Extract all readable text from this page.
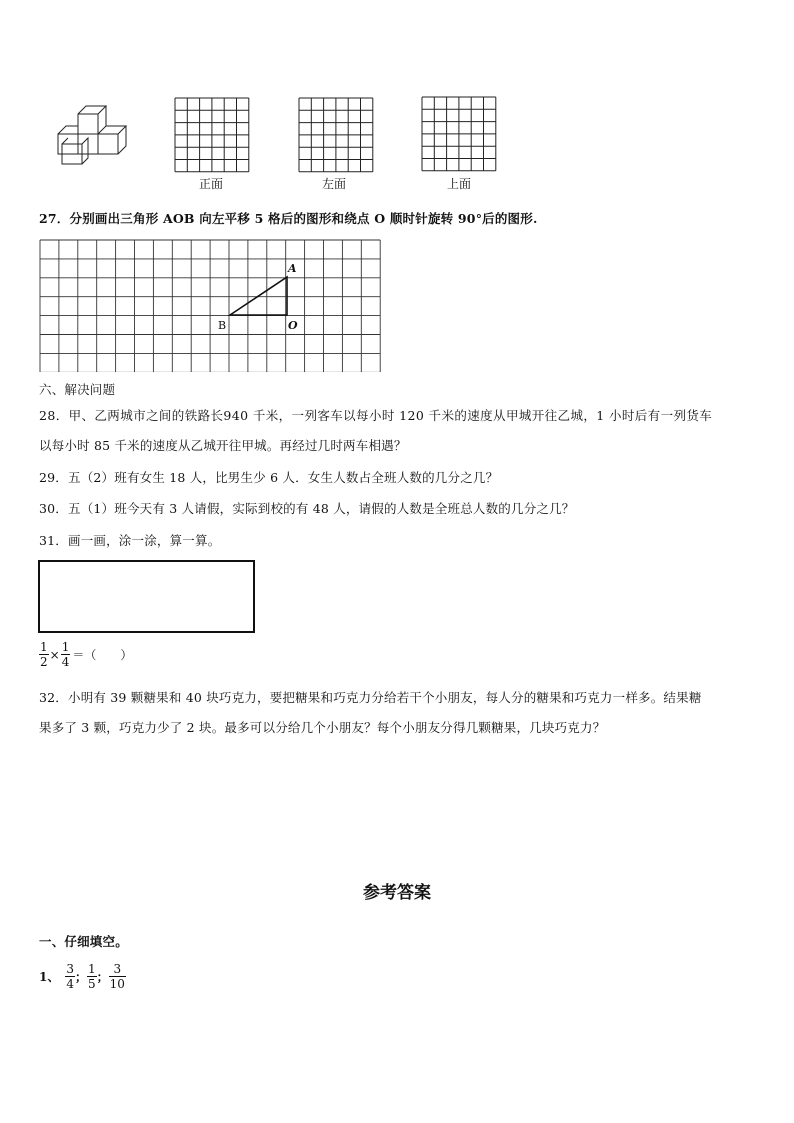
正面	左面	上面
27．分别画出三角形 AOB 向左平移 5 格后的图形和绕点 O 顺时针旋转 90°后的图形.
A
B	O
六、解决问题
28．甲、乙两城市之间的铁路长940 千米，一列客车以每小时 120 千米的速度从甲城开往乙城，1 小时后有一列货车
以每小时 85 千米的速度从乙城开往甲城。再经过几时两车相遇？
29．五（2）班有女生 18 人，比男生少 6 人．女生人数占全班人数的几分之几？
30．五（1）班今天有 3 人请假，实际到校的有 48 人，请假的人数是全班总人数的几分之几？
31．画一画，涂一涂，算一算。
$\frac{1}{2} \times \frac{1}{4}$ ＝（　　）
32．小明有 39 颗糖果和 40 块巧克力，要把糖果和巧克力分给若干个小朋友，每人分的糖果和巧克力一样多。结果糖
果多了 3 颗，巧克力少了 2 块。最多可以分给几个小朋友？每个小朋友分得几颗糖果，几块巧克力？
参考答案
一、仔细填空。
1、 $\frac{3}{4}$ ； $\frac{1}{5}$ ； $\frac{3}{10}$
